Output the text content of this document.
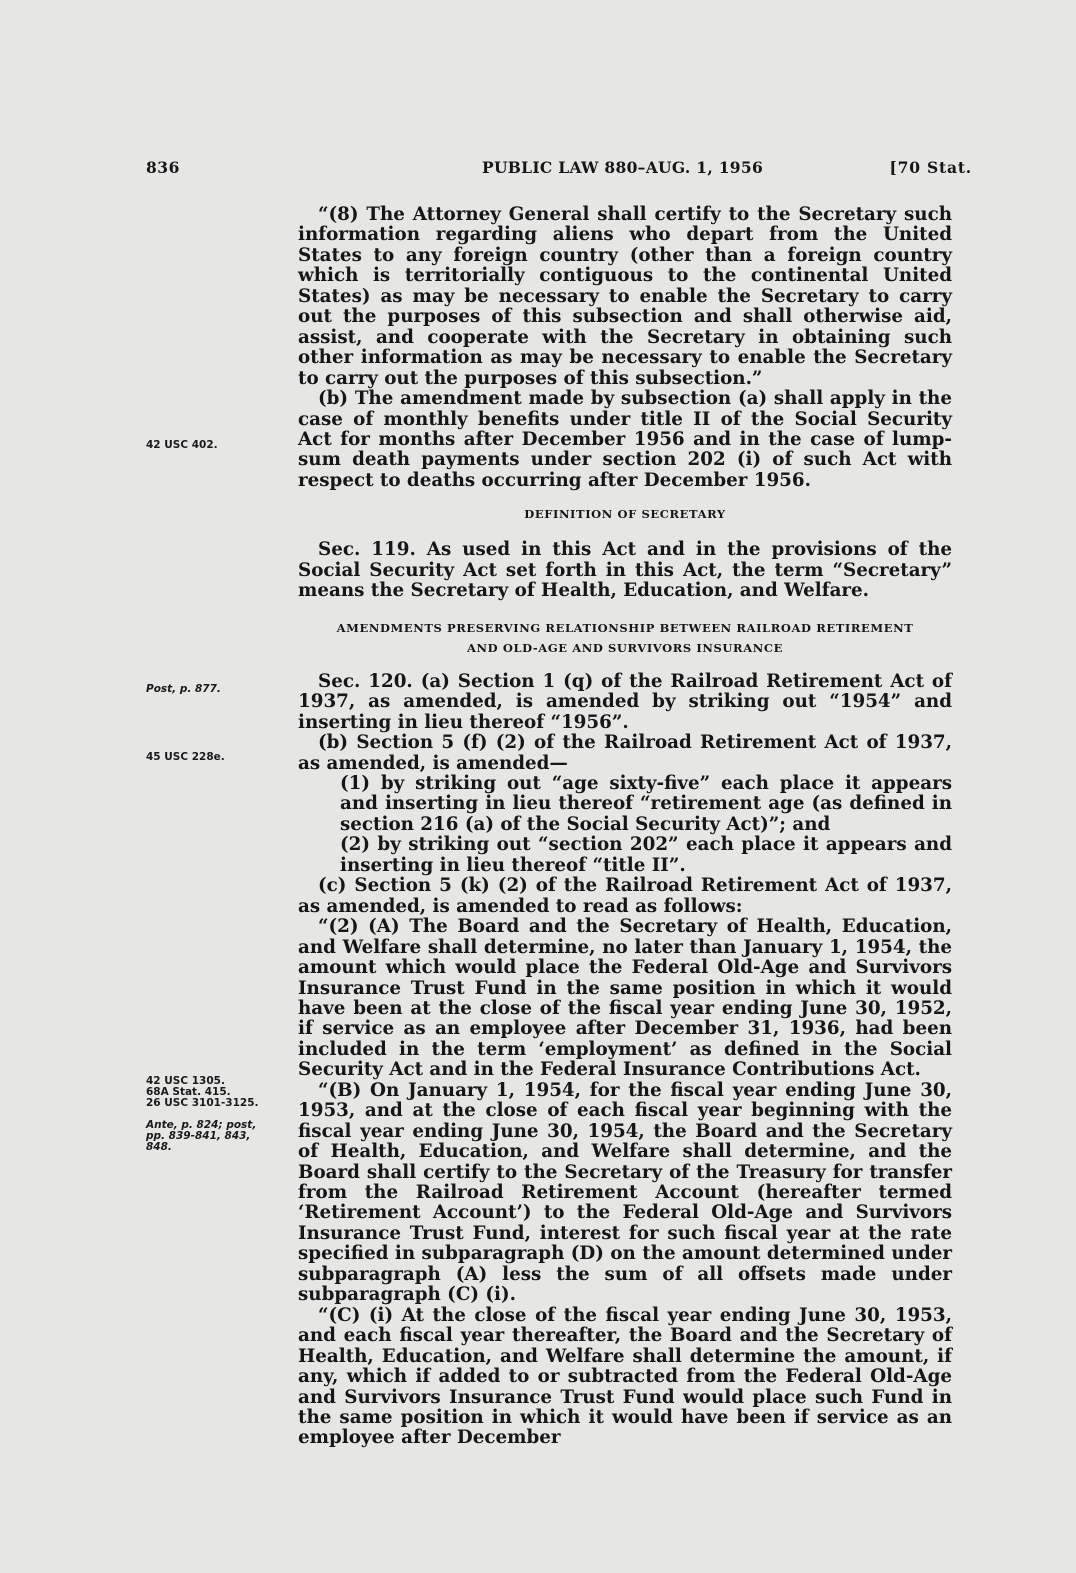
836	PUBLIC LAW 880–AUG. 1, 1956	[70 Stat.
42 USC 402.
Post, p. 877.
45 USC 228e.
42 USC 1305.
68A Stat. 415.
26 USC 3101-3125.
Ante, p. 824; post, pp. 839-841, 843, 848.

“(8) The Attorney General shall certify to the Secretary such information regarding aliens who depart from the United States to any foreign country (other than a foreign country which is territorially contiguous to the continental United States) as may be necessary to enable the Secretary to carry out the purposes of this subsection and shall otherwise aid, assist, and cooperate with the Secretary in obtaining such other information as may be necessary to enable the Secretary to carry out the purposes of this subsection.”

(b) The amendment made by subsection (a) shall apply in the case of monthly benefits under title II of the Social Security Act for months after December 1956 and in the case of lump-sum death payments under section 202 (i) of such Act with respect to deaths occurring after December 1956.

DEFINITION OF SECRETARY

Sec. 119. As used in this Act and in the provisions of the Social Security Act set forth in this Act, the term “Secretary” means the Secretary of Health, Education, and Welfare.

AMENDMENTS PRESERVING RELATIONSHIP BETWEEN RAILROAD RETIREMENT
AND OLD-AGE AND SURVIVORS INSURANCE

Sec. 120. (a) Section 1 (q) of the Railroad Retirement Act of 1937, as amended, is amended by striking out “1954” and inserting in lieu thereof “1956”.

(b) Section 5 (f) (2) of the Railroad Retirement Act of 1937, as amended, is amended—

(1) by striking out “age sixty-five” each place it appears and inserting in lieu thereof “retirement age (as defined in section 216 (a) of the Social Security Act)”; and

(2) by striking out “section 202” each place it appears and inserting in lieu thereof “title II”.

(c) Section 5 (k) (2) of the Railroad Retirement Act of 1937, as amended, is amended to read as follows:

“(2) (A) The Board and the Secretary of Health, Education, and Welfare shall determine, no later than January 1, 1954, the amount which would place the Federal Old-Age and Survivors Insurance Trust Fund in the same position in which it would have been at the close of the fiscal year ending June 30, 1952, if service as an employee after December 31, 1936, had been included in the term ‘employment’ as defined in the Social Security Act and in the Federal Insurance Contributions Act.

“(B) On January 1, 1954, for the fiscal year ending June 30, 1953, and at the close of each fiscal year beginning with the fiscal year ending June 30, 1954, the Board and the Secretary of Health, Education, and Welfare shall determine, and the Board shall certify to the Secretary of the Treasury for transfer from the Railroad Retirement Account (hereafter termed ‘Retirement Account’) to the Federal Old-Age and Survivors Insurance Trust Fund, interest for such fiscal year at the rate specified in subparagraph (D) on the amount determined under subparagraph (A) less the sum of all offsets made under subparagraph (C) (i).

“(C) (i) At the close of the fiscal year ending June 30, 1953, and each fiscal year thereafter, the Board and the Secretary of Health, Education, and Welfare shall determine the amount, if any, which if added to or subtracted from the Federal Old-Age and Survivors Insurance Trust Fund would place such Fund in the same position in which it would have been if service as an employee after December
